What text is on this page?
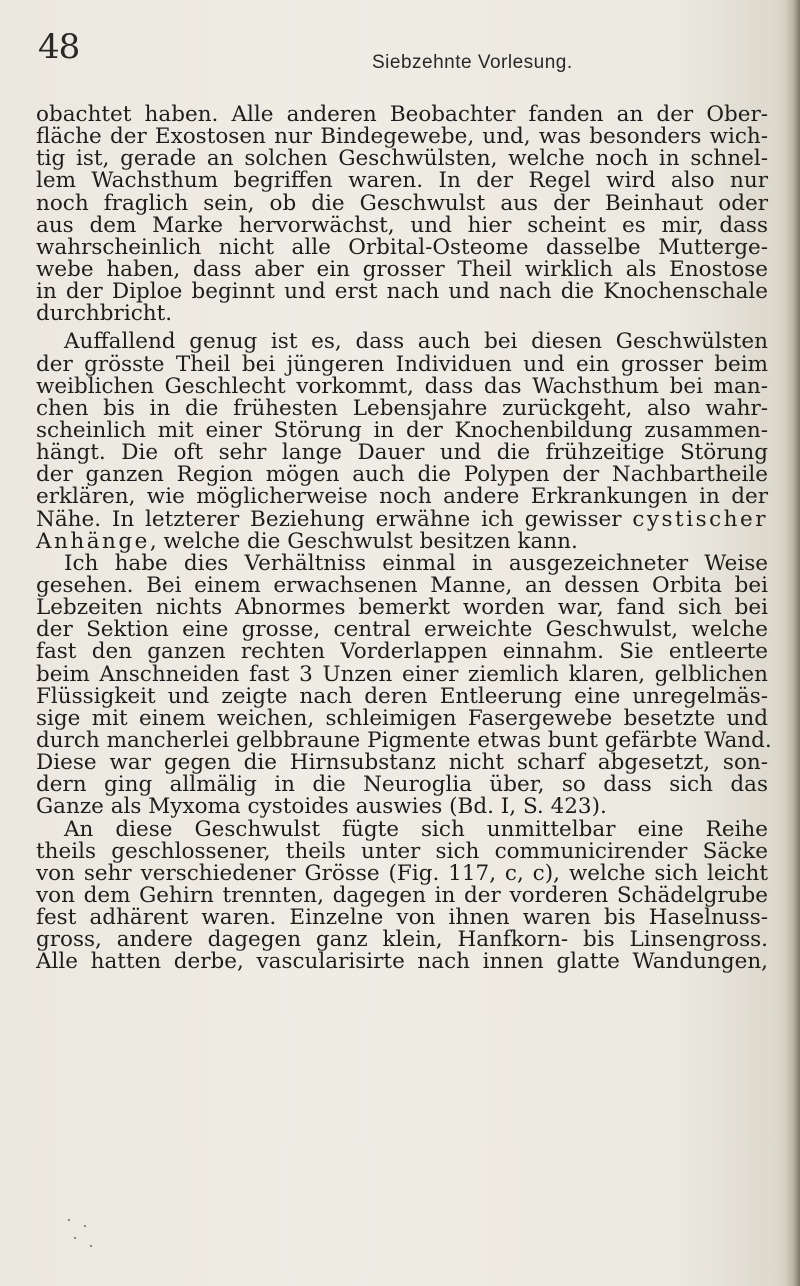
48	Siebzehnte Vorlesung.
obachtet haben. Alle anderen Beobachter fanden an der Ober-
fläche der Exostosen nur Bindegewebe, und, was besonders wich-
tig ist, gerade an solchen Geschwülsten, welche noch in schnel-
lem Wachsthum begriffen waren. In der Regel wird also nur
noch fraglich sein, ob die Geschwulst aus der Beinhaut oder
aus dem Marke hervorwächst, und hier scheint es mir, dass
wahrscheinlich nicht alle Orbital-Osteome dasselbe Mutterge-
webe haben, dass aber ein grosser Theil wirklich als Enostose
in der Diploe beginnt und erst nach und nach die Knochenschale
durchbricht.
Auffallend genug ist es, dass auch bei diesen Geschwülsten
der grösste Theil bei jüngeren Individuen und ein grosser beim
weiblichen Geschlecht vorkommt, dass das Wachsthum bei man-
chen bis in die frühesten Lebensjahre zurückgeht, also wahr-
scheinlich mit einer Störung in der Knochenbildung zusammen-
hängt. Die oft sehr lange Dauer und die frühzeitige Störung
der ganzen Region mögen auch die Polypen der Nachbartheile
erklären, wie möglicherweise noch andere Erkrankungen in der
Nähe. In letzterer Beziehung erwähne ich gewisser cystischer
Anhänge, welche die Geschwulst besitzen kann.
Ich habe dies Verhältniss einmal in ausgezeichneter Weise
gesehen. Bei einem erwachsenen Manne, an dessen Orbita bei
Lebzeiten nichts Abnormes bemerkt worden war, fand sich bei
der Sektion eine grosse, central erweichte Geschwulst, welche
fast den ganzen rechten Vorderlappen einnahm. Sie entleerte
beim Anschneiden fast 3 Unzen einer ziemlich klaren, gelblichen
Flüssigkeit und zeigte nach deren Entleerung eine unregelmäs-
sige mit einem weichen, schleimigen Fasergewebe besetzte und
durch mancherlei gelbbraune Pigmente etwas bunt gefärbte Wand.
Diese war gegen die Hirnsubstanz nicht scharf abgesetzt, son-
dern ging allmälig in die Neuroglia über, so dass sich das
Ganze als Myxoma cystoides auswies (Bd. I, S. 423).
An diese Geschwulst fügte sich unmittelbar eine Reihe
theils geschlossener, theils unter sich communicirender Säcke
von sehr verschiedener Grösse (Fig. 117, c, c), welche sich leicht
von dem Gehirn trennten, dagegen in der vorderen Schädelgrube
fest adhärent waren. Einzelne von ihnen waren bis Haselnuss-
gross, andere dagegen ganz klein, Hanfkorn- bis Linsengross.
Alle hatten derbe, vascularisirte nach innen glatte Wandungen,
